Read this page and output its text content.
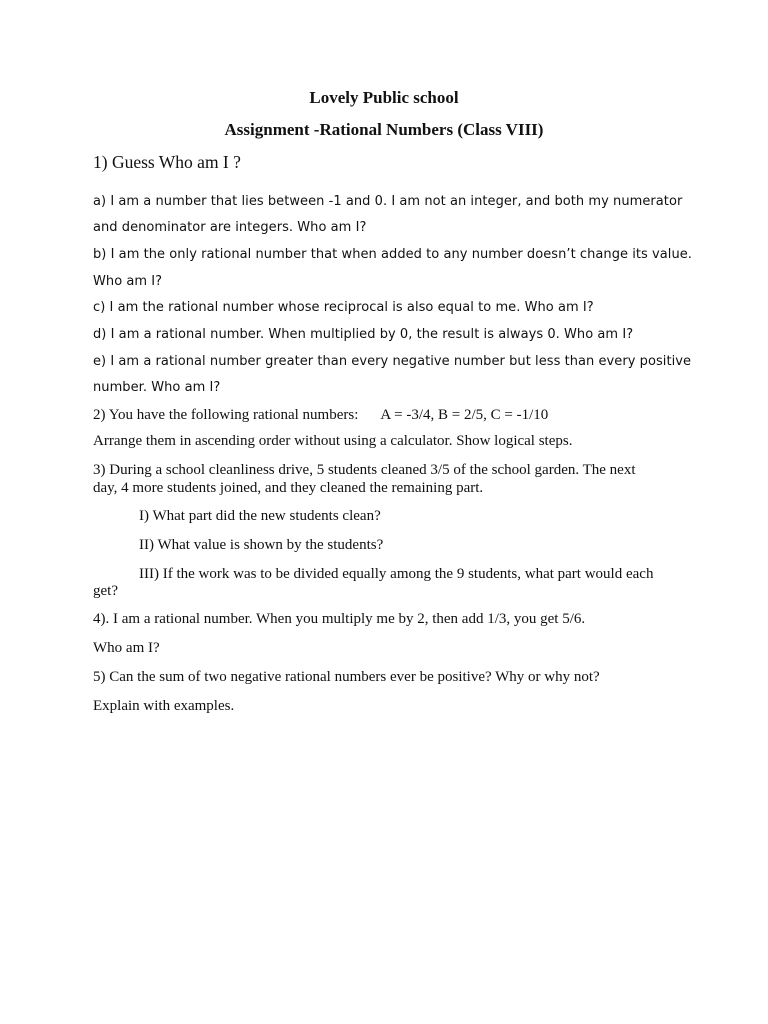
Lovely Public school
Assignment -Rational Numbers (Class VIII)
1) Guess Who am I ?
a) I am a number that lies between -1 and 0. I am not an integer, and both my numerator
and denominator are integers. Who am I?
b) I am the only rational number that when added to any number doesn’t change its value.
Who am I?
c) I am the rational number whose reciprocal is also equal to me. Who am I?
d) I am a rational number. When multiplied by 0, the result is always 0. Who am I?
e) I am a rational number greater than every negative number but less than every positive
number. Who am I?
2) You have the following rational numbers: A = -3/4, B = 2/5, C = -1/10
Arrange them in ascending order without using a calculator. Show logical steps.
3) During a school cleanliness drive, 5 students cleaned 3/5 of the school garden. The next
day, 4 more students joined, and they cleaned the remaining part.
I) What part did the new students clean?
II) What value is shown by the students?
III) If the work was to be divided equally among the 9 students, what part would each
get?
4). I am a rational number. When you multiply me by 2, then add 1/3, you get 5/6.
Who am I?
5) Can the sum of two negative rational numbers ever be positive? Why or why not?
Explain with examples.
